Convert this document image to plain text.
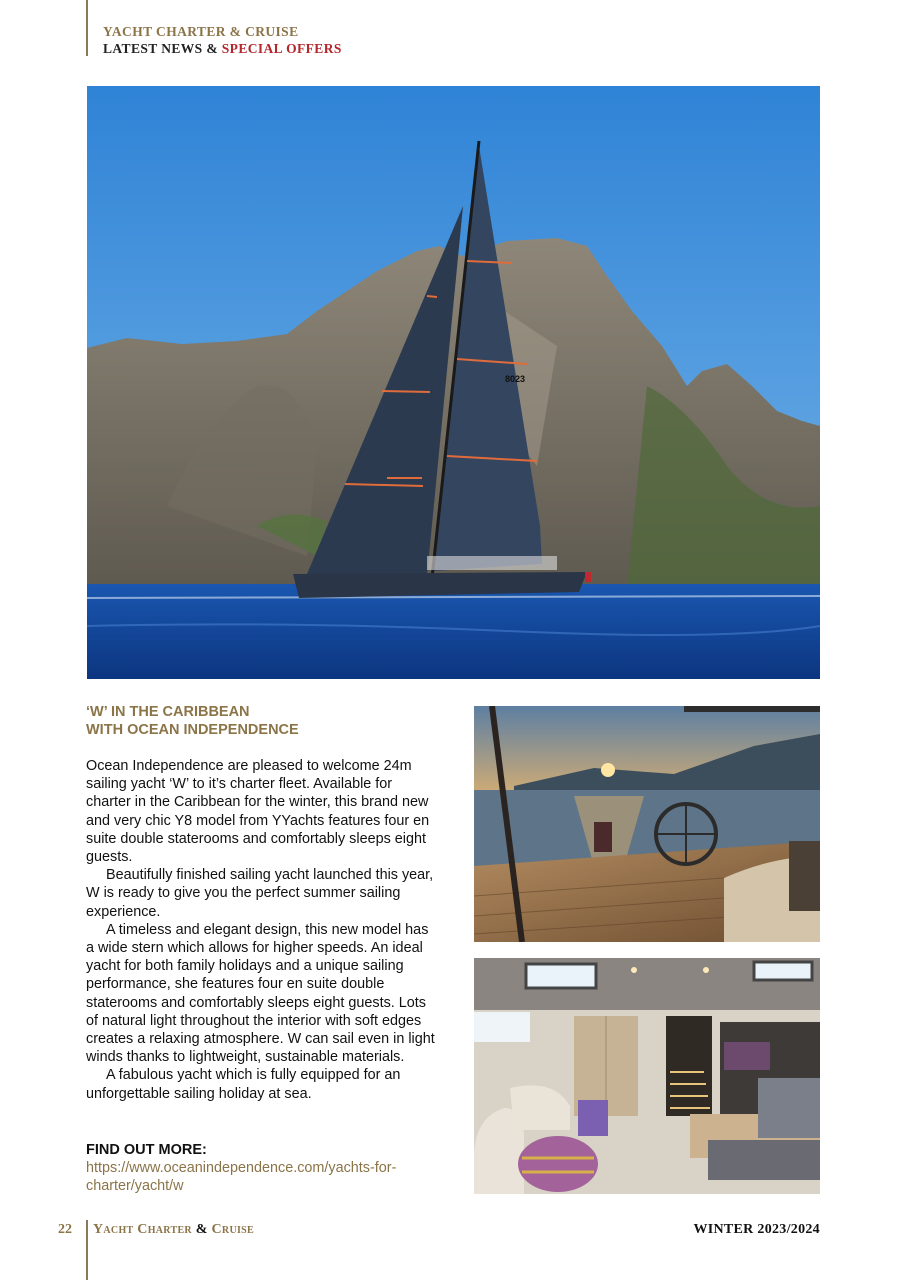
YACHT CHARTER & CRUISE
LATEST NEWS & SPECIAL OFFERS
8023
‘W’ IN THE CARIBBEAN
WITH OCEAN INDEPENDENCE

Ocean Independence are pleased to welcome 24m sailing yacht ‘W’ to it’s charter fleet. Available for charter in the Caribbean for the winter, this brand new and very chic Y8 model from YYachts features four en suite double staterooms and comfortably sleeps eight guests.

Beautifully finished sailing yacht launched this year, W is ready to give you the perfect summer sailing experience.

A timeless and elegant design, this new model has a wide stern which allows for higher speeds. An ideal yacht for both family holidays and a unique sailing performance, she features four en suite double staterooms and comfortably sleeps eight guests. Lots of natural light throughout the interior with soft edges creates a relaxing atmosphere. W can sail even in light winds thanks to lightweight, sustainable materials.

A fabulous yacht which is fully equipped for an unforgettable sailing holiday at sea.

FIND OUT MORE:
https://www.oceanindependence.com/yachts-for-charter/yacht/w
22 Yacht Charter & Cruise	WINTER 2023/2024
